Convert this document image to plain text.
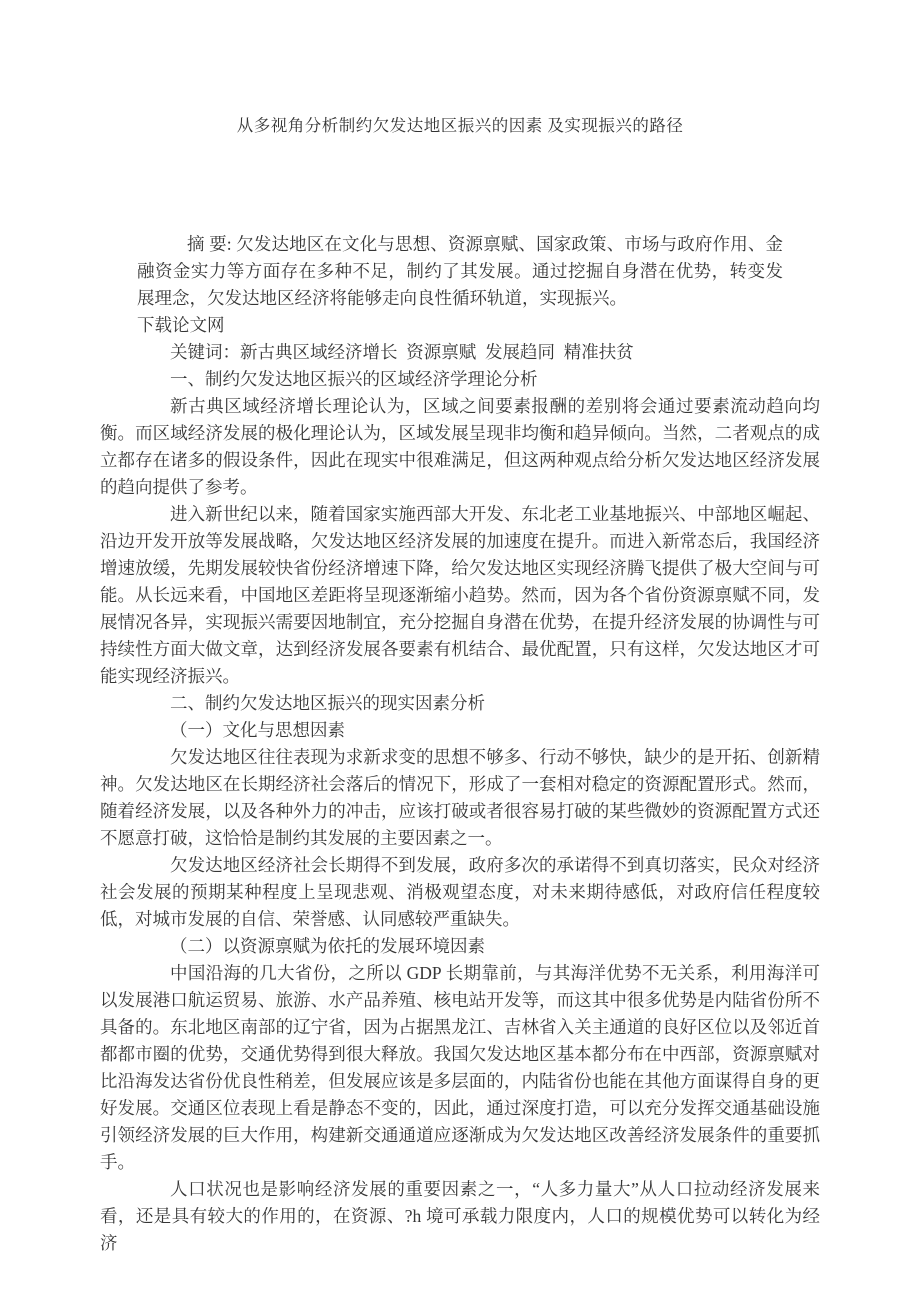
从多视角分析制约欠发达地区振兴的因素 及实现振兴的路径

摘 要: 欠发达地区在文化与思想、资源禀赋、国家政策、市场与政府作用、金融资金实力等方面存在多种不足，制约了其发展。通过挖掘自身潜在优势，转变发展理念，欠发达地区经济将能够走向良性循环轨道，实现振兴。

下载论文网

关键词：新古典区域经济增长  资源禀赋  发展趋同  精准扶贫

一、制约欠发达地区振兴的区域经济学理论分析

新古典区域经济增长理论认为，区域之间要素报酬的差别将会通过要素流动趋向均衡。而区域经济发展的极化理论认为，区域发展呈现非均衡和趋异倾向。当然，二者观点的成立都存在诸多的假设条件，因此在现实中很难满足，但这两种观点给分析欠发达地区经济发展的趋向提供了参考。

进入新世纪以来，随着国家实施西部大开发、东北老工业基地振兴、中部地区崛起、沿边开发开放等发展战略，欠发达地区经济发展的加速度在提升。而进入新常态后，我国经济增速放缓，先期发展较快省份经济增速下降，给欠发达地区实现经济腾飞提供了极大空间与可能。从长远来看，中国地区差距将呈现逐渐缩小趋势。然而，因为各个省份资源禀赋不同，发展情况各异，实现振兴需要因地制宜，充分挖掘自身潜在优势，在提升经济发展的协调性与可持续性方面大做文章，达到经济发展各要素有机结合、最优配置，只有这样，欠发达地区才可能实现经济振兴。

二、制约欠发达地区振兴的现实因素分析

（一）文化与思想因素

欠发达地区往往表现为求新求变的思想不够多、行动不够快，缺少的是开拓、创新精神。欠发达地区在长期经济社会落后的情况下，形成了一套相对稳定的资源配置形式。然而，随着经济发展，以及各种外力的冲击，应该打破或者很容易打破的某些微妙的资源配置方式还不愿意打破，这恰恰是制约其发展的主要因素之一。

欠发达地区经济社会长期得不到发展，政府多次的承诺得不到真切落实，民众对经济社会发展的预期某种程度上呈现悲观、消极观望态度，对未来期待感低，对政府信任程度较低，对城市发展的自信、荣誉感、认同感较严重缺失。

（二）以资源禀赋为依托的发展环境因素

中国沿海的几大省份，之所以 GDP 长期靠前，与其海洋优势不无关系，利用海洋可以发展港口航运贸易、旅游、水产品养殖、核电站开发等，而这其中很多优势是内陆省份所不具备的。东北地区南部的辽宁省，因为占据黑龙江、吉林省入关主通道的良好区位以及邻近首都都市圈的优势，交通优势得到很大释放。我国欠发达地区基本都分布在中西部，资源禀赋对比沿海发达省份优良性稍差，但发展应该是多层面的，内陆省份也能在其他方面谋得自身的更好发展。交通区位表现上看是静态不变的，因此，通过深度打造，可以充分发挥交通基础设施引领经济发展的巨大作用，构建新交通通道应逐渐成为欠发达地区改善经济发展条件的重要抓手。

人口状况也是影响经济发展的重要因素之一，“人多力量大”从人口拉动经济发展来看，还是具有较大的作用的，在资源、?h 境可承载力限度内，人口的规模优势可以转化为经济
